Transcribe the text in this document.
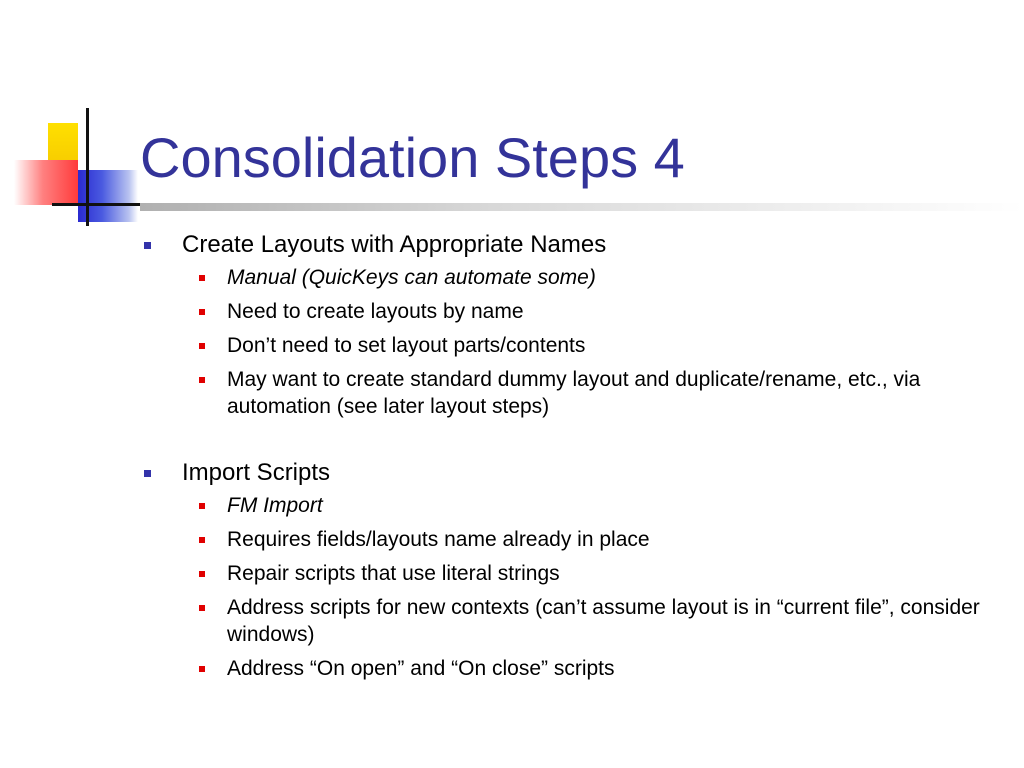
Consolidation Steps 4
Create Layouts with Appropriate Names
Manual (QuicKeys can automate some)
Need to create layouts by name
Don’t need to set layout parts/contents
May want to create standard dummy layout and duplicate/rename, etc., via automation (see later layout steps)
Import Scripts
FM Import
Requires fields/layouts name already in place
Repair scripts that use literal strings
Address scripts for new contexts (can’t assume layout is in “current file”, consider windows)
Address “On open” and “On close” scripts
